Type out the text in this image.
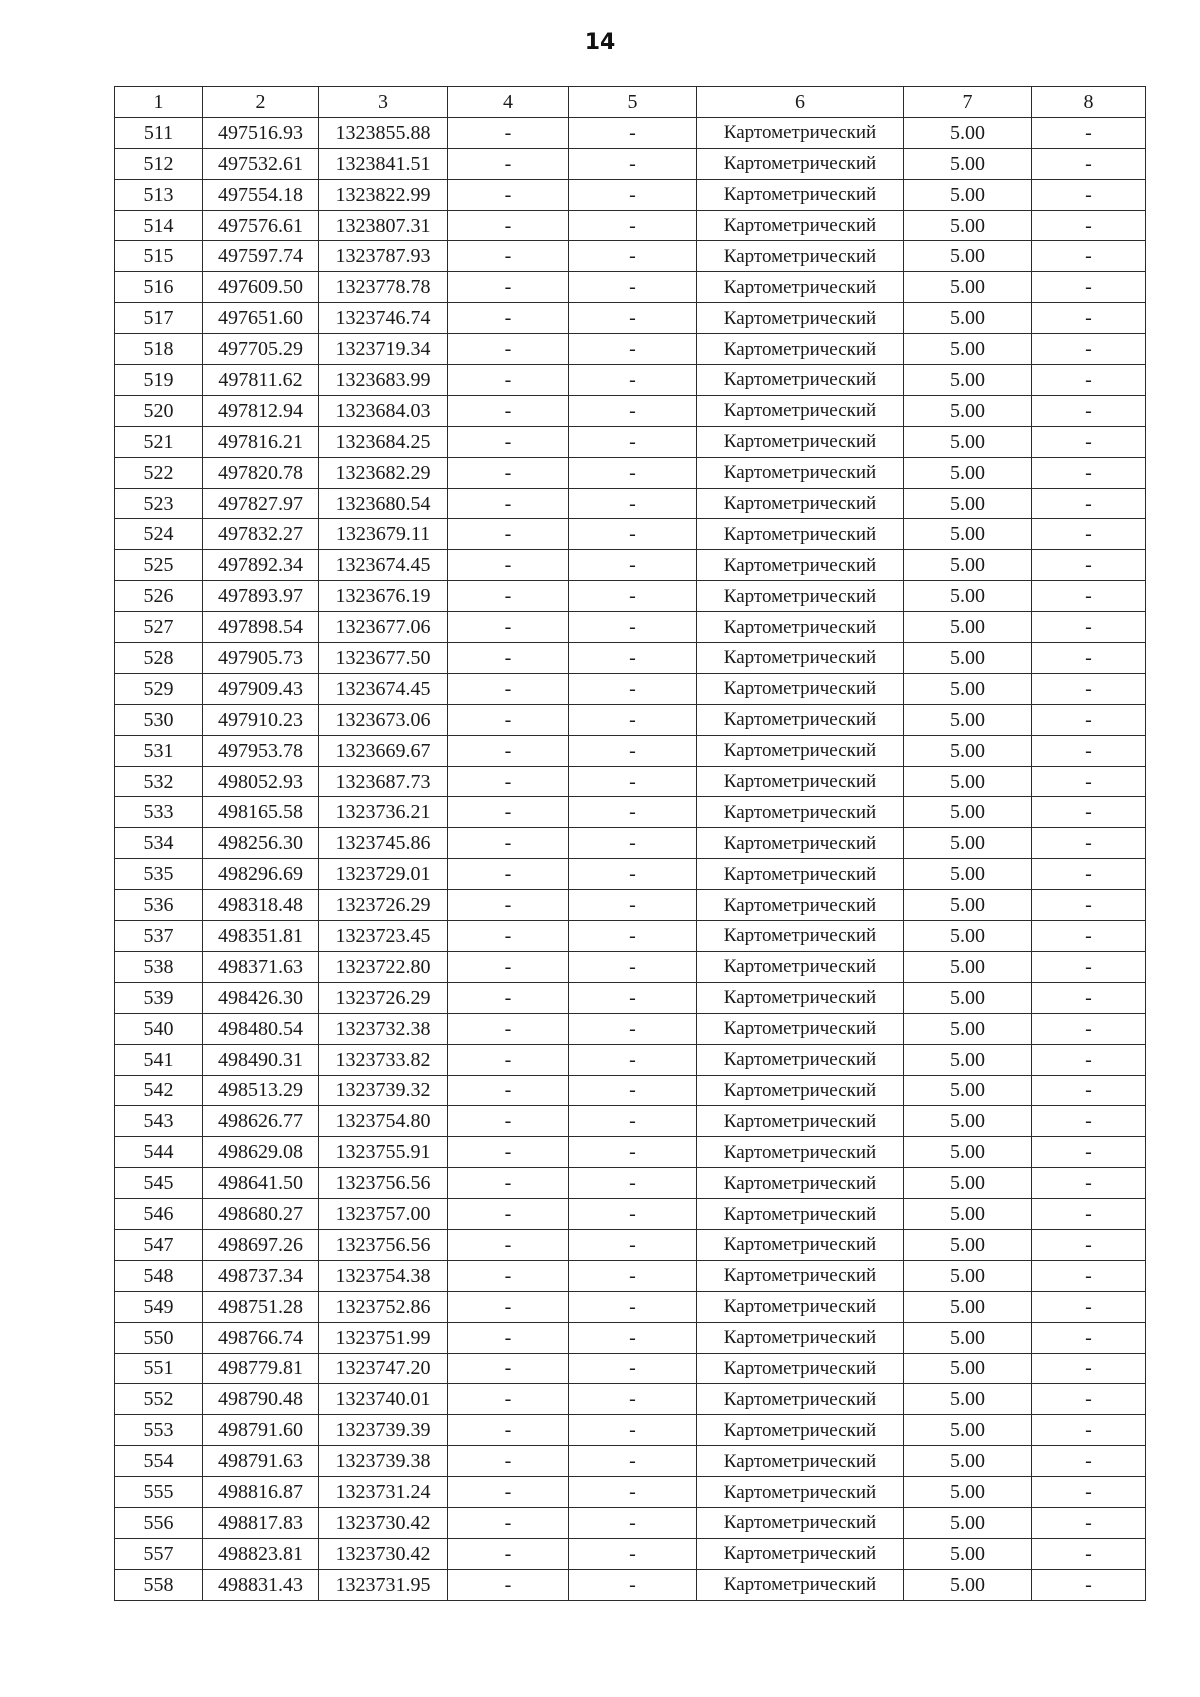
14
1	2	3	4	5	6	7	8
511	497516.93	1323855.88	-	-	Картометрический	5.00	-
512	497532.61	1323841.51	-	-	Картометрический	5.00	-
513	497554.18	1323822.99	-	-	Картометрический	5.00	-
514	497576.61	1323807.31	-	-	Картометрический	5.00	-
515	497597.74	1323787.93	-	-	Картометрический	5.00	-
516	497609.50	1323778.78	-	-	Картометрический	5.00	-
517	497651.60	1323746.74	-	-	Картометрический	5.00	-
518	497705.29	1323719.34	-	-	Картометрический	5.00	-
519	497811.62	1323683.99	-	-	Картометрический	5.00	-
520	497812.94	1323684.03	-	-	Картометрический	5.00	-
521	497816.21	1323684.25	-	-	Картометрический	5.00	-
522	497820.78	1323682.29	-	-	Картометрический	5.00	-
523	497827.97	1323680.54	-	-	Картометрический	5.00	-
524	497832.27	1323679.11	-	-	Картометрический	5.00	-
525	497892.34	1323674.45	-	-	Картометрический	5.00	-
526	497893.97	1323676.19	-	-	Картометрический	5.00	-
527	497898.54	1323677.06	-	-	Картометрический	5.00	-
528	497905.73	1323677.50	-	-	Картометрический	5.00	-
529	497909.43	1323674.45	-	-	Картометрический	5.00	-
530	497910.23	1323673.06	-	-	Картометрический	5.00	-
531	497953.78	1323669.67	-	-	Картометрический	5.00	-
532	498052.93	1323687.73	-	-	Картометрический	5.00	-
533	498165.58	1323736.21	-	-	Картометрический	5.00	-
534	498256.30	1323745.86	-	-	Картометрический	5.00	-
535	498296.69	1323729.01	-	-	Картометрический	5.00	-
536	498318.48	1323726.29	-	-	Картометрический	5.00	-
537	498351.81	1323723.45	-	-	Картометрический	5.00	-
538	498371.63	1323722.80	-	-	Картометрический	5.00	-
539	498426.30	1323726.29	-	-	Картометрический	5.00	-
540	498480.54	1323732.38	-	-	Картометрический	5.00	-
541	498490.31	1323733.82	-	-	Картометрический	5.00	-
542	498513.29	1323739.32	-	-	Картометрический	5.00	-
543	498626.77	1323754.80	-	-	Картометрический	5.00	-
544	498629.08	1323755.91	-	-	Картометрический	5.00	-
545	498641.50	1323756.56	-	-	Картометрический	5.00	-
546	498680.27	1323757.00	-	-	Картометрический	5.00	-
547	498697.26	1323756.56	-	-	Картометрический	5.00	-
548	498737.34	1323754.38	-	-	Картометрический	5.00	-
549	498751.28	1323752.86	-	-	Картометрический	5.00	-
550	498766.74	1323751.99	-	-	Картометрический	5.00	-
551	498779.81	1323747.20	-	-	Картометрический	5.00	-
552	498790.48	1323740.01	-	-	Картометрический	5.00	-
553	498791.60	1323739.39	-	-	Картометрический	5.00	-
554	498791.63	1323739.38	-	-	Картометрический	5.00	-
555	498816.87	1323731.24	-	-	Картометрический	5.00	-
556	498817.83	1323730.42	-	-	Картометрический	5.00	-
557	498823.81	1323730.42	-	-	Картометрический	5.00	-
558	498831.43	1323731.95	-	-	Картометрический	5.00	-
